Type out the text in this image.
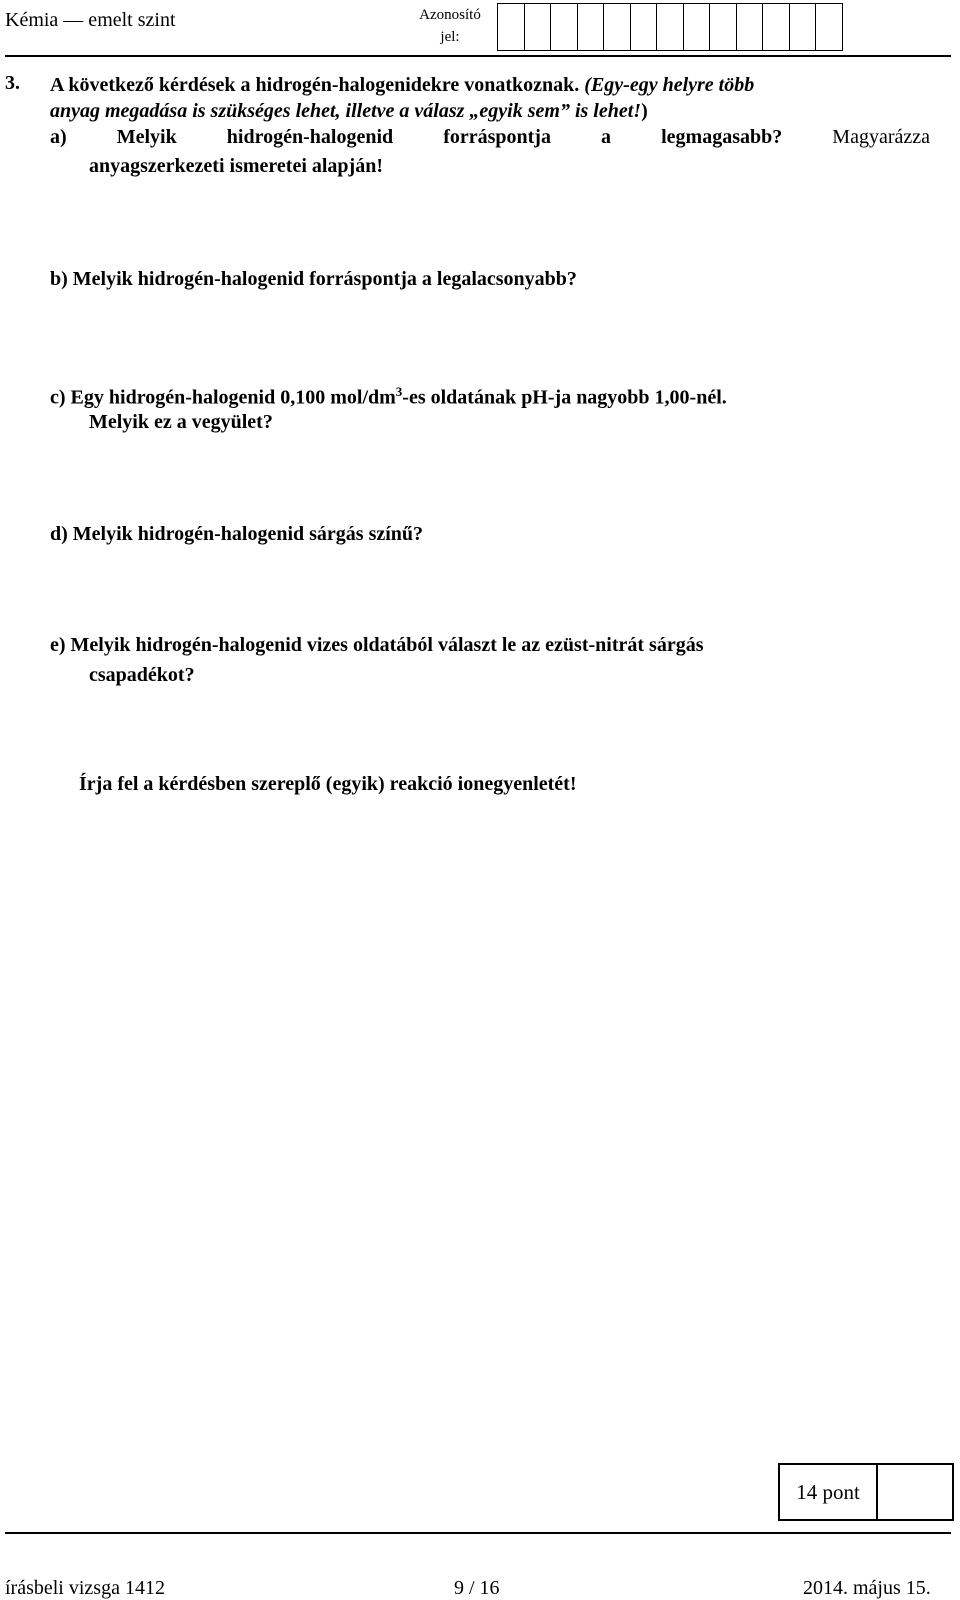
Kémia — emelt szint	Azonosító
jel:
3. A következő kérdések a hidrogén-halogenidekre vonatkoznak. (Egy-egy helyre több
anyag megadása is szükséges lehet, illetve a válasz „egyik sem” is lehet!)
a)	Melyik	hidrogén-halogenid	forráspontja	a	legmagasabb?	Magyarázza
anyagszerkezeti ismeretei alapján!
b) Melyik hidrogén-halogenid forráspontja a legalacsonyabb?
c) Egy hidrogén-halogenid 0,100 mol/$dm^3-es$ oldatának pH-ja nagyobb 1,00-nél.
Melyik ez a vegyület?
d) Melyik hidrogén-halogenid sárgás színű?
e) Melyik hidrogén-halogenid vizes oldatából választ le az ezüst-nitrát sárgás
csapadékot?
Írja fel a kérdésben szereplő (egyik) reakció ionegyenletét!
14 pont
írásbeli vizsga 1412	9 / 16	2014. május 15.
